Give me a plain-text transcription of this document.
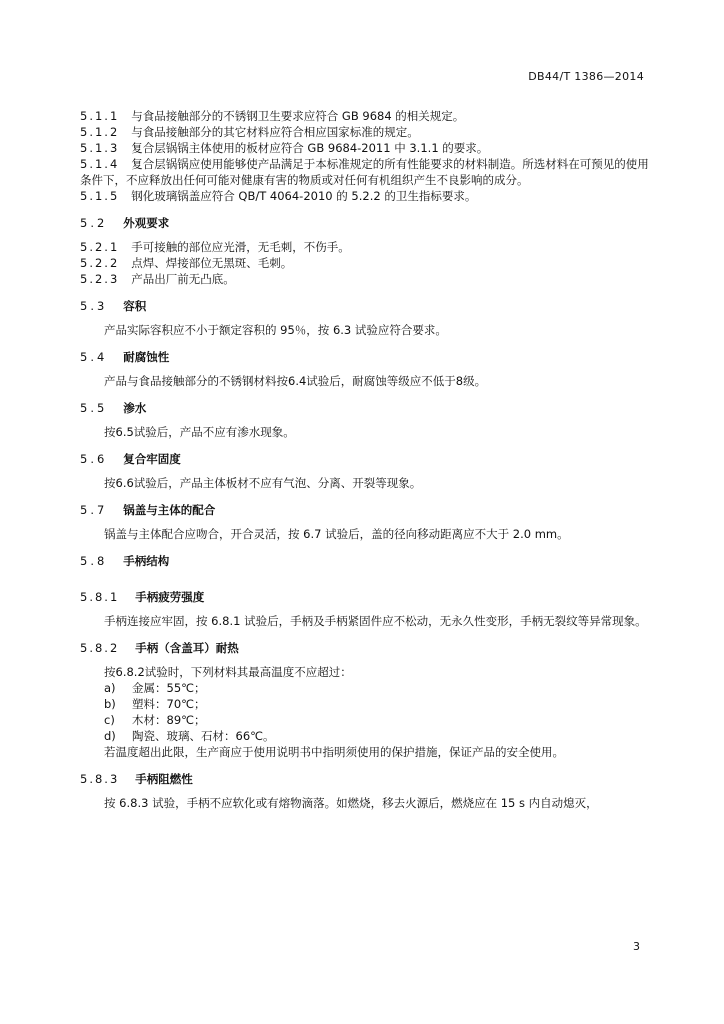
DB44/T 1386—2014
5.1.1 与食品接触部分的不锈钢卫生要求应符合 GB 9684 的相关规定。
5.1.2 与食品接触部分的其它材料应符合相应国家标准的规定。
5.1.3 复合层锅锅主体使用的板材应符合 GB 9684-2011 中 3.1.1 的要求。

5.1.4 复合层锅锅应使用能够使产品满足于本标准规定的所有性能要求的材料制造。所选材料在可预见的使用条件下，不应释放出任何可能对健康有害的物质或对任何有机组织产生不良影响的成分。

5.1.5 钢化玻璃锅盖应符合 QB/T 4064-2010 的 5.2.2 的卫生指标要求。
5.2 外观要求
5.2.1 手可接触的部位应光滑，无毛刺，不伤手。
5.2.2 点焊、焊接部位无黑斑、毛刺。
5.2.3 产品出厂前无凸底。
5.3 容积

产品实际容积应不小于额定容积的 95％，按 6.3 试验应符合要求。

5.4 耐腐蚀性

产品与食品接触部分的不锈钢材料按6.4试验后，耐腐蚀等级应不低于8级。

5.5 渗水

按6.5试验后，产品不应有渗水现象。

5.6 复合牢固度

按6.6试验后，产品主体板材不应有气泡、分离、开裂等现象。

5.7 锅盖与主体的配合

锅盖与主体配合应吻合，开合灵活，按 6.7 试验后，盖的径向移动距离应不大于 2.0 mm。

5.8 手柄结构
5.8.1 手柄疲劳强度

手柄连接应牢固，按 6.8.1 试验后，手柄及手柄紧固件应不松动，无永久性变形，手柄无裂纹等异常现象。

5.8.2 手柄（含盖耳）耐热

按6.8.2试验时，下列材料其最高温度不应超过：

a)	金属：55℃；
b)	塑料：70℃；
c)	木材：89℃；
d)	陶瓷、玻璃、石材：66℃。

若温度超出此限，生产商应于使用说明书中指明须使用的保护措施，保证产品的安全使用。

5.8.3 手柄阻燃性

按 6.8.3 试验，手柄不应软化或有熔物滴落。如燃烧，移去火源后，燃烧应在 15 s 内自动熄灭，

3
